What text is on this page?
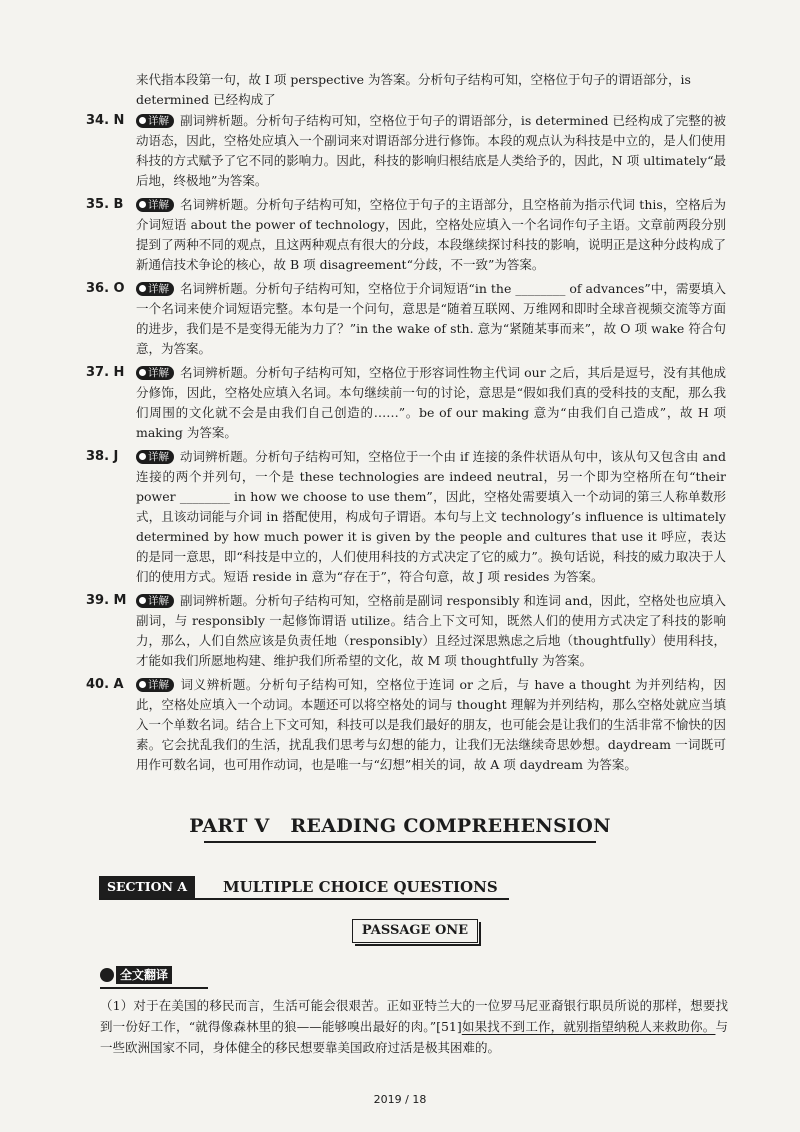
来代指本段第一句，故 I 项 perspective 为答案。分析句子结构可知，空格位于句子的谓语部分，is determined 已经构成了
34. N	详解 副词辨析题。分析句子结构可知，空格位于句子的谓语部分，is determined 已经构成了完整的被动语态，因此，空格处应填入一个副词来对谓语部分进行修饰。本段的观点认为科技是中立的，是人们使用科技的方式赋予了它不同的影响力。因此，科技的影响归根结底是人类给予的，因此，N 项 ultimately“最后地，终极地”为答案。
35. B	详解 名词辨析题。分析句子结构可知，空格位于句子的主语部分，且空格前为指示代词 this，空格后为介词短语 about the power of technology，因此，空格处应填入一个名词作句子主语。文章前两段分别提到了两种不同的观点，且这两种观点有很大的分歧，本段继续探讨科技的影响，说明正是这种分歧构成了新通信技术争论的核心，故 B 项 disagreement“分歧，不一致”为答案。
36. O	详解 名词辨析题。分析句子结构可知，空格位于介词短语“in the ________ of advances”中，需要填入一个名词来使介词短语完整。本句是一个问句，意思是“随着互联网、万维网和即时全球音视频交流等方面的进步，我们是不是变得无能为力了？”in the wake of sth. 意为“紧随某事而来”，故 O 项 wake 符合句意，为答案。
37. H	详解 名词辨析题。分析句子结构可知，空格位于形容词性物主代词 our 之后，其后是逗号，没有其他成分修饰，因此，空格处应填入名词。本句继续前一句的讨论，意思是“假如我们真的受科技的支配，那么我们周围的文化就不会是由我们自己创造的……”。be of our making 意为“由我们自己造成”，故 H 项 making 为答案。
38. J	详解 动词辨析题。分析句子结构可知，空格位于一个由 if 连接的条件状语从句中，该从句又包含由 and 连接的两个并列句，一个是 these technologies are indeed neutral，另一个即为空格所在句“their power ________ in how we choose to use them”，因此，空格处需要填入一个动词的第三人称单数形式，且该动词能与介词 in 搭配使用，构成句子谓语。本句与上文 technology’s influence is ultimately determined by how much power it is given by the people and cultures that use it 呼应，表达的是同一意思，即“科技是中立的，人们使用科技的方式决定了它的威力”。换句话说，科技的威力取决于人们的使用方式。短语 reside in 意为“存在于”，符合句意，故 J 项 resides 为答案。
39. M	详解 副词辨析题。分析句子结构可知，空格前是副词 responsibly 和连词 and，因此，空格处也应填入副词，与 responsibly 一起修饰谓语 utilize。结合上下文可知，既然人们的使用方式决定了科技的影响力，那么，人们自然应该是负责任地（responsibly）且经过深思熟虑之后地（thoughtfully）使用科技，才能如我们所愿地构建、维护我们所希望的文化，故 M 项 thoughtfully 为答案。
40. A	详解 词义辨析题。分析句子结构可知，空格位于连词 or 之后，与 have a thought 为并列结构，因此，空格处应填入一个动词。本题还可以将空格处的词与 thought 理解为并列结构，那么空格处就应当填入一个单数名词。结合上下文可知，科技可以是我们最好的朋友，也可能会是让我们的生活非常不愉快的因素。它会扰乱我们的生活，扰乱我们思考与幻想的能力，让我们无法继续奇思妙想。daydream 一词既可用作可数名词，也可用作动词，也是唯一与“幻想”相关的词，故 A 项 daydream 为答案。
PART V   READING COMPREHENSION
SECTION A	MULTIPLE CHOICE QUESTIONS
PASSAGE ONE
全文翻译
（1）对于在美国的移民而言，生活可能会很艰苦。正如亚特兰大的一位罗马尼亚裔银行职员所说的那样，想要找到一份好工作，“就得像森林里的狼——能够嗅出最好的肉。”[51]如果找不到工作，就别指望纳税人来救助你。与一些欧洲国家不同，身体健全的移民想要靠美国政府过活是极其困难的。
2019 / 18
